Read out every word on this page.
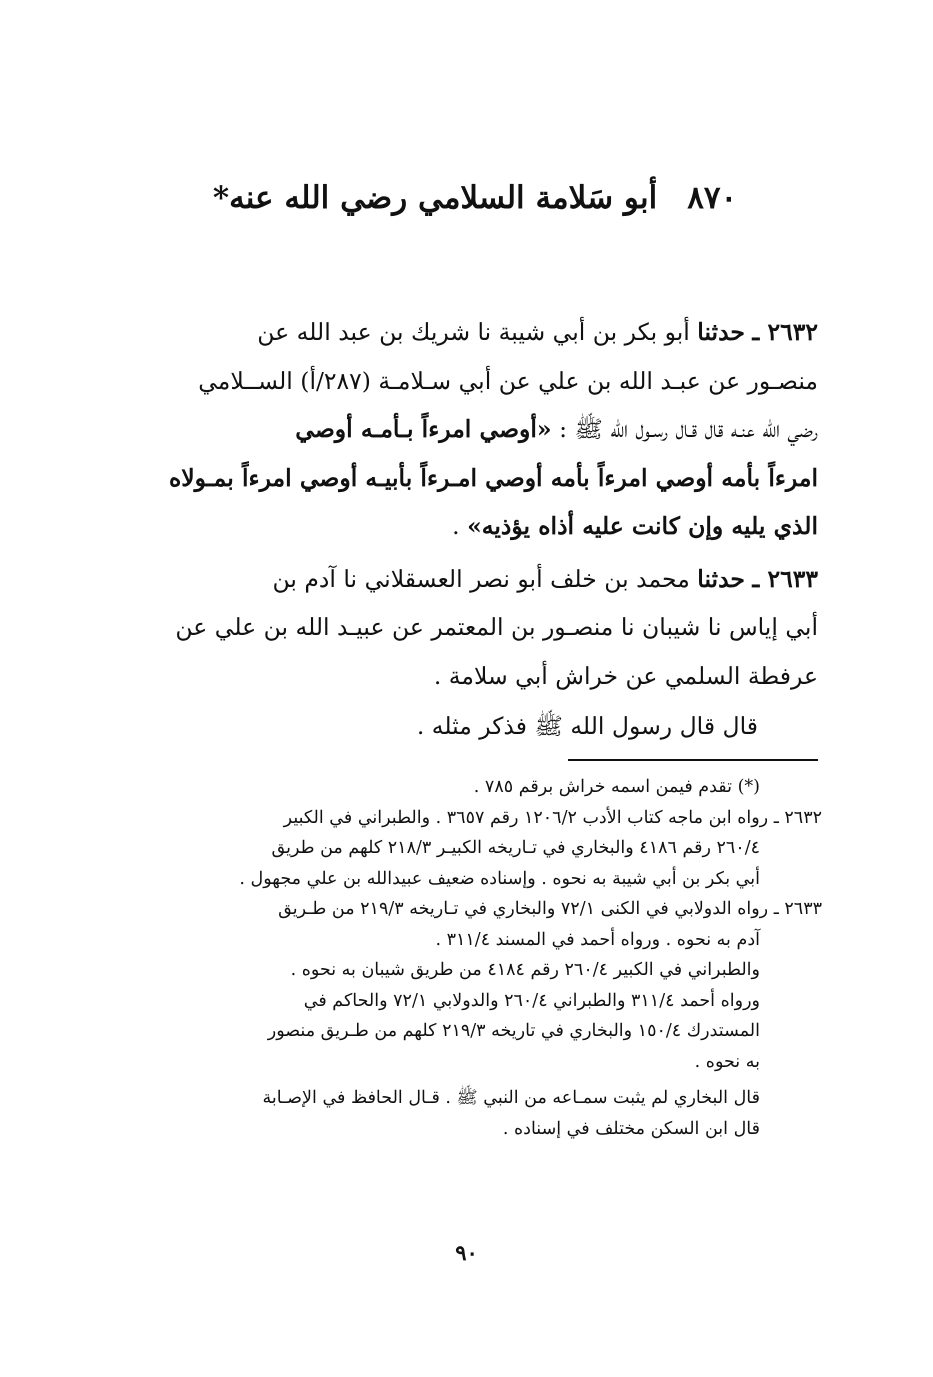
٨٧٠أبو سَلامة السلامي رضي الله عنه*

٢٦٣٢ ـ حدثنا أبو بكر بن أبي شيبة نا شريك بن عبد الله عن
منصـور عن عبـد الله بن علي عن أبي سـلامـة (٢٨٧/أ) الســلامي
رضي الله عنـه قال قـال رسـول الله ﷺ : «أوصي امرءاً بـأمـه أوصي
امرءاً بأمه أوصي امرءاً بأمه أوصي امـرءاً بأبيـه أوصي امرءاً بمـولاه
الذي يليه وإن كانت عليه أذاه يؤذيه» .

٢٦٣٣ ـ حدثنا محمد بن خلف أبو نصر العسقلاني نا آدم بن
أبي إياس نا شيبان نا منصـور بن المعتمر عن عبيـد الله بن علي عن
عرفطة السلمي عن خراش أبي سلامة .

قال قال رسول الله ﷺ فذكر مثله .

(*) تقدم فيمن اسمه خراش برقم ٧٨٥ .

٢٦٣٢ ـ رواه ابن ماجه كتاب الأدب ١٢٠٦/٢ رقم ٣٦٥٧ . والطبراني في الكبير
٢٦٠/٤ رقم ٤١٨٦ والبخاري في تـاريخه الكبيـر ٢١٨/٣ كلهم من طريق
أبي بكر بن أبي شيبة به نحوه . وإسناده ضعيف عبيدالله بن علي مجهول .

٢٦٣٣ ـ رواه الدولابي في الكنى ٧٢/١ والبخاري في تـاريخه ٢١٩/٣ من طـريق
آدم به نحوه . ورواه أحمد في المسند ٣١١/٤ .

والطبراني في الكبير ٢٦٠/٤ رقم ٤١٨٤ من طريق شيبان به نحوه .

ورواه أحمد ٣١١/٤ والطبراني ٢٦٠/٤ والدولابي ٧٢/١ والحاكم في
المستدرك ١٥٠/٤ والبخاري في تاريخه ٢١٩/٣ كلهم من طـريق منصور
به نحوه .

قال البخاري لم يثبت سمـاعه من النبي ﷺ . قـال الحافظ في الإصـابة
قال ابن السكن مختلف في إسناده .

٩٠
